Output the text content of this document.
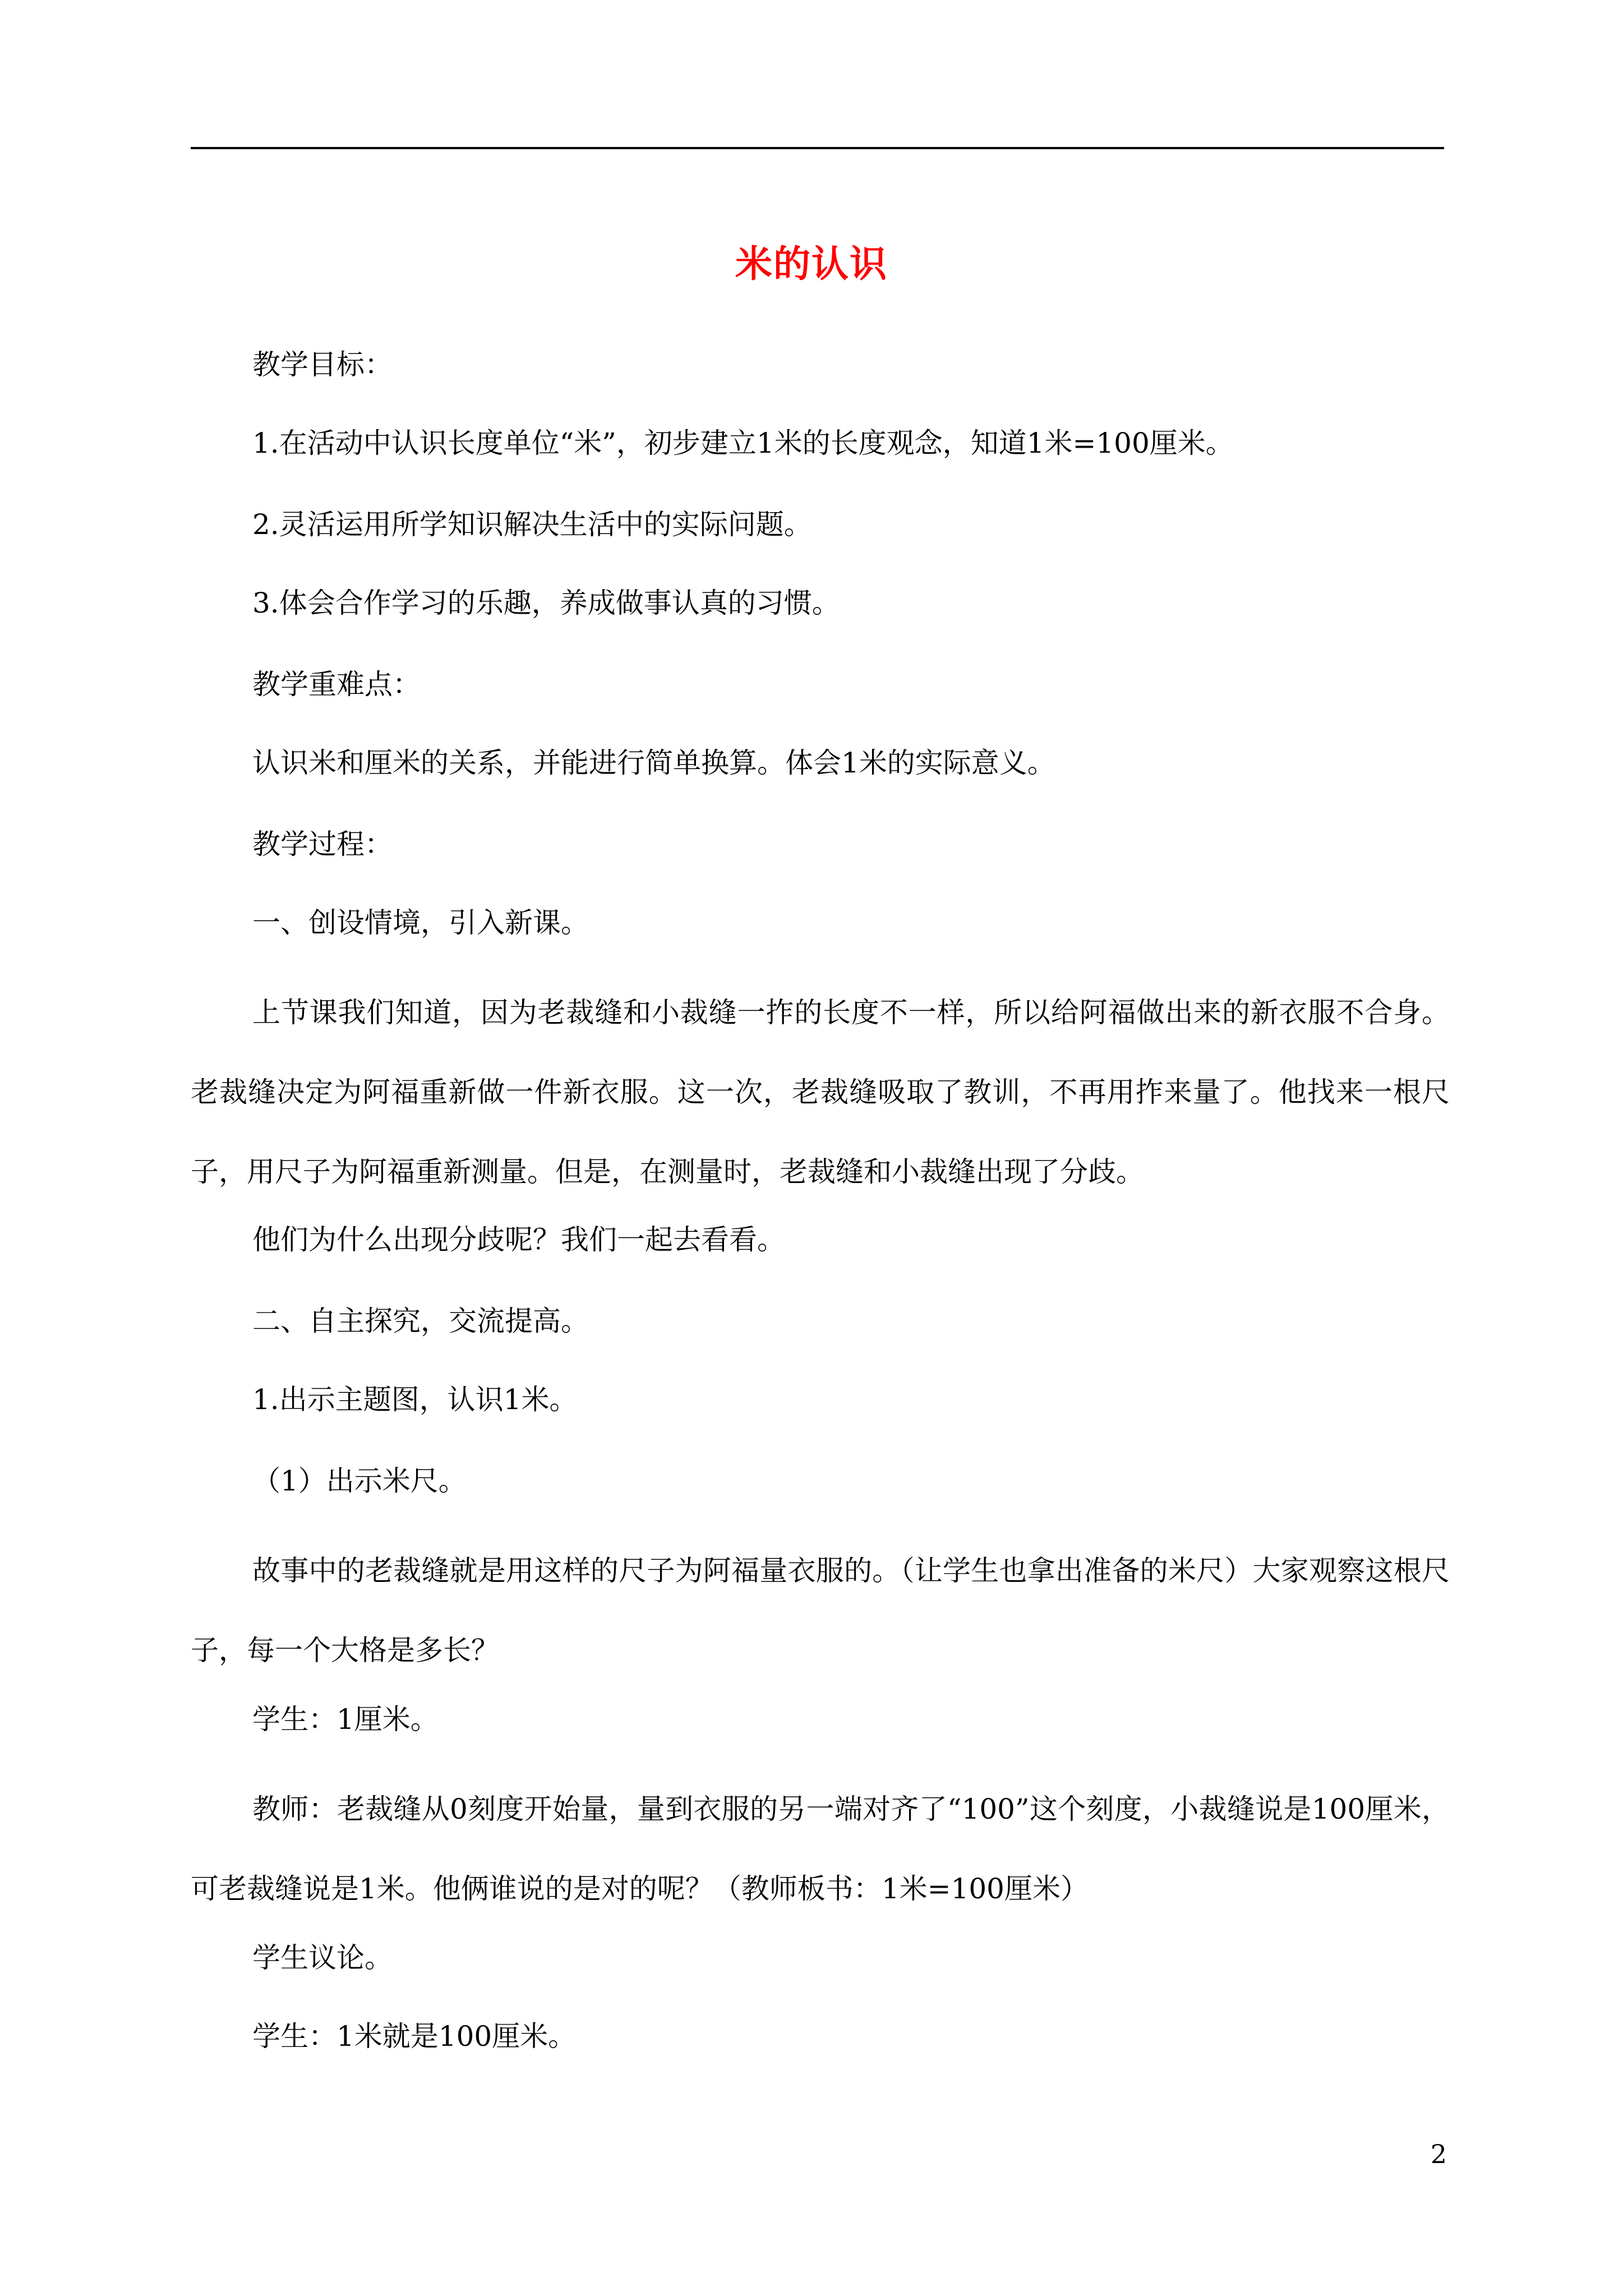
米的认识
教学目标：
1.在活动中认识长度单位“米”，初步建立1米的长度观念，知道1米=100厘米。
2.灵活运用所学知识解决生活中的实际问题。
3.体会合作学习的乐趣，养成做事认真的习惯。
教学重难点：
认识米和厘米的关系，并能进行简单换算。体会1米的实际意义。
教学过程：
一、创设情境，引入新课。
上节课我们知道，因为老裁缝和小裁缝一拃的长度不一样，所以给阿福做出来的新衣服不合身。老裁缝决定为阿福重新做一件新衣服。这一次，老裁缝吸取了教训，不再用拃来量了。他找来一根尺子，用尺子为阿福重新测量。但是，在测量时，老裁缝和小裁缝出现了分歧。
他们为什么出现分歧呢？我们一起去看看。
二、自主探究，交流提高。
1.出示主题图，认识1米。
（1）出示米尺。
故事中的老裁缝就是用这样的尺子为阿福量衣服的。（让学生也拿出准备的米尺）大家观察这根尺子，每一个大格是多长？
学生：1厘米。
教师：老裁缝从0刻度开始量，量到衣服的另一端对齐了“100”这个刻度，小裁缝说是100厘米，可老裁缝说是1米。他俩谁说的是对的呢？（教师板书：1米=100厘米）
学生议论。
学生：1米就是100厘米。
2
